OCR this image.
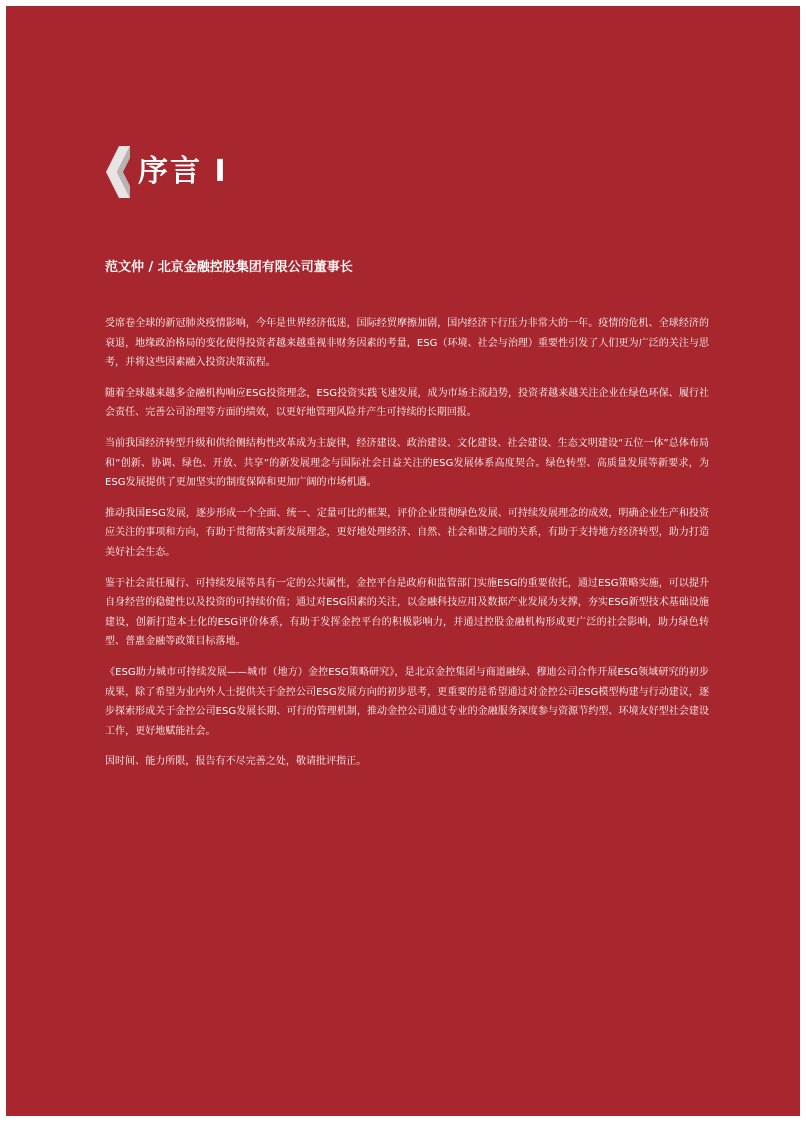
序言 I
范文仲 / 北京金融控股集团有限公司董事长

受席卷全球的新冠肺炎疫情影响，今年是世界经济低迷，国际经贸摩擦加剧，国内经济下行压力非常大的一年。疫情的危机、全球经济的衰退，地缘政治格局的变化使得投资者越来越重视非财务因素的考量，ESG（环境、社会与治理）重要性引发了人们更为广泛的关注与思考，并将这些因素融入投资决策流程。

随着全球越来越多金融机构响应ESG投资理念，ESG投资实践飞速发展，成为市场主流趋势，投资者越来越关注企业在绿色环保、履行社会责任、完善公司治理等方面的绩效，以更好地管理风险并产生可持续的长期回报。

当前我国经济转型升级和供给侧结构性改革成为主旋律，经济建设、政治建设、文化建设、社会建设、生态文明建设“五位一体”总体布局和“创新、协调、绿色、开放、共享”的新发展理念与国际社会日益关注的ESG发展体系高度契合。绿色转型、高质量发展等新要求，为ESG发展提供了更加坚实的制度保障和更加广阔的市场机遇。

推动我国ESG发展，逐步形成一个全面、统一、定量可比的框架，评价企业贯彻绿色发展、可持续发展理念的成效，明确企业生产和投资应关注的事项和方向，有助于贯彻落实新发展理念，更好地处理经济、自然、社会和谐之间的关系，有助于支持地方经济转型，助力打造美好社会生态。

鉴于社会责任履行、可持续发展等具有一定的公共属性，金控平台是政府和监管部门实施ESG的重要依托，通过ESG策略实施，可以提升自身经营的稳健性以及投资的可持续价值；通过对ESG因素的关注，以金融科技应用及数据产业发展为支撑，夯实ESG新型技术基础设施建设，创新打造本土化的ESG评价体系，有助于发挥金控平台的积极影响力，并通过控股金融机构形成更广泛的社会影响，助力绿色转型、普惠金融等政策目标落地。

《ESG助力城市可持续发展——城市（地方）金控ESG策略研究》，是北京金控集团与商道融绿、穆迪公司合作开展ESG领域研究的初步成果，除了希望为业内外人士提供关于金控公司ESG发展方向的初步思考，更重要的是希望通过对金控公司ESG模型构建与行动建议，逐步探索形成关于金控公司ESG发展长期、可行的管理机制，推动金控公司通过专业的金融服务深度参与资源节约型、环境友好型社会建设工作，更好地赋能社会。

因时间、能力所限，报告有不尽完善之处，敬请批评指正。
